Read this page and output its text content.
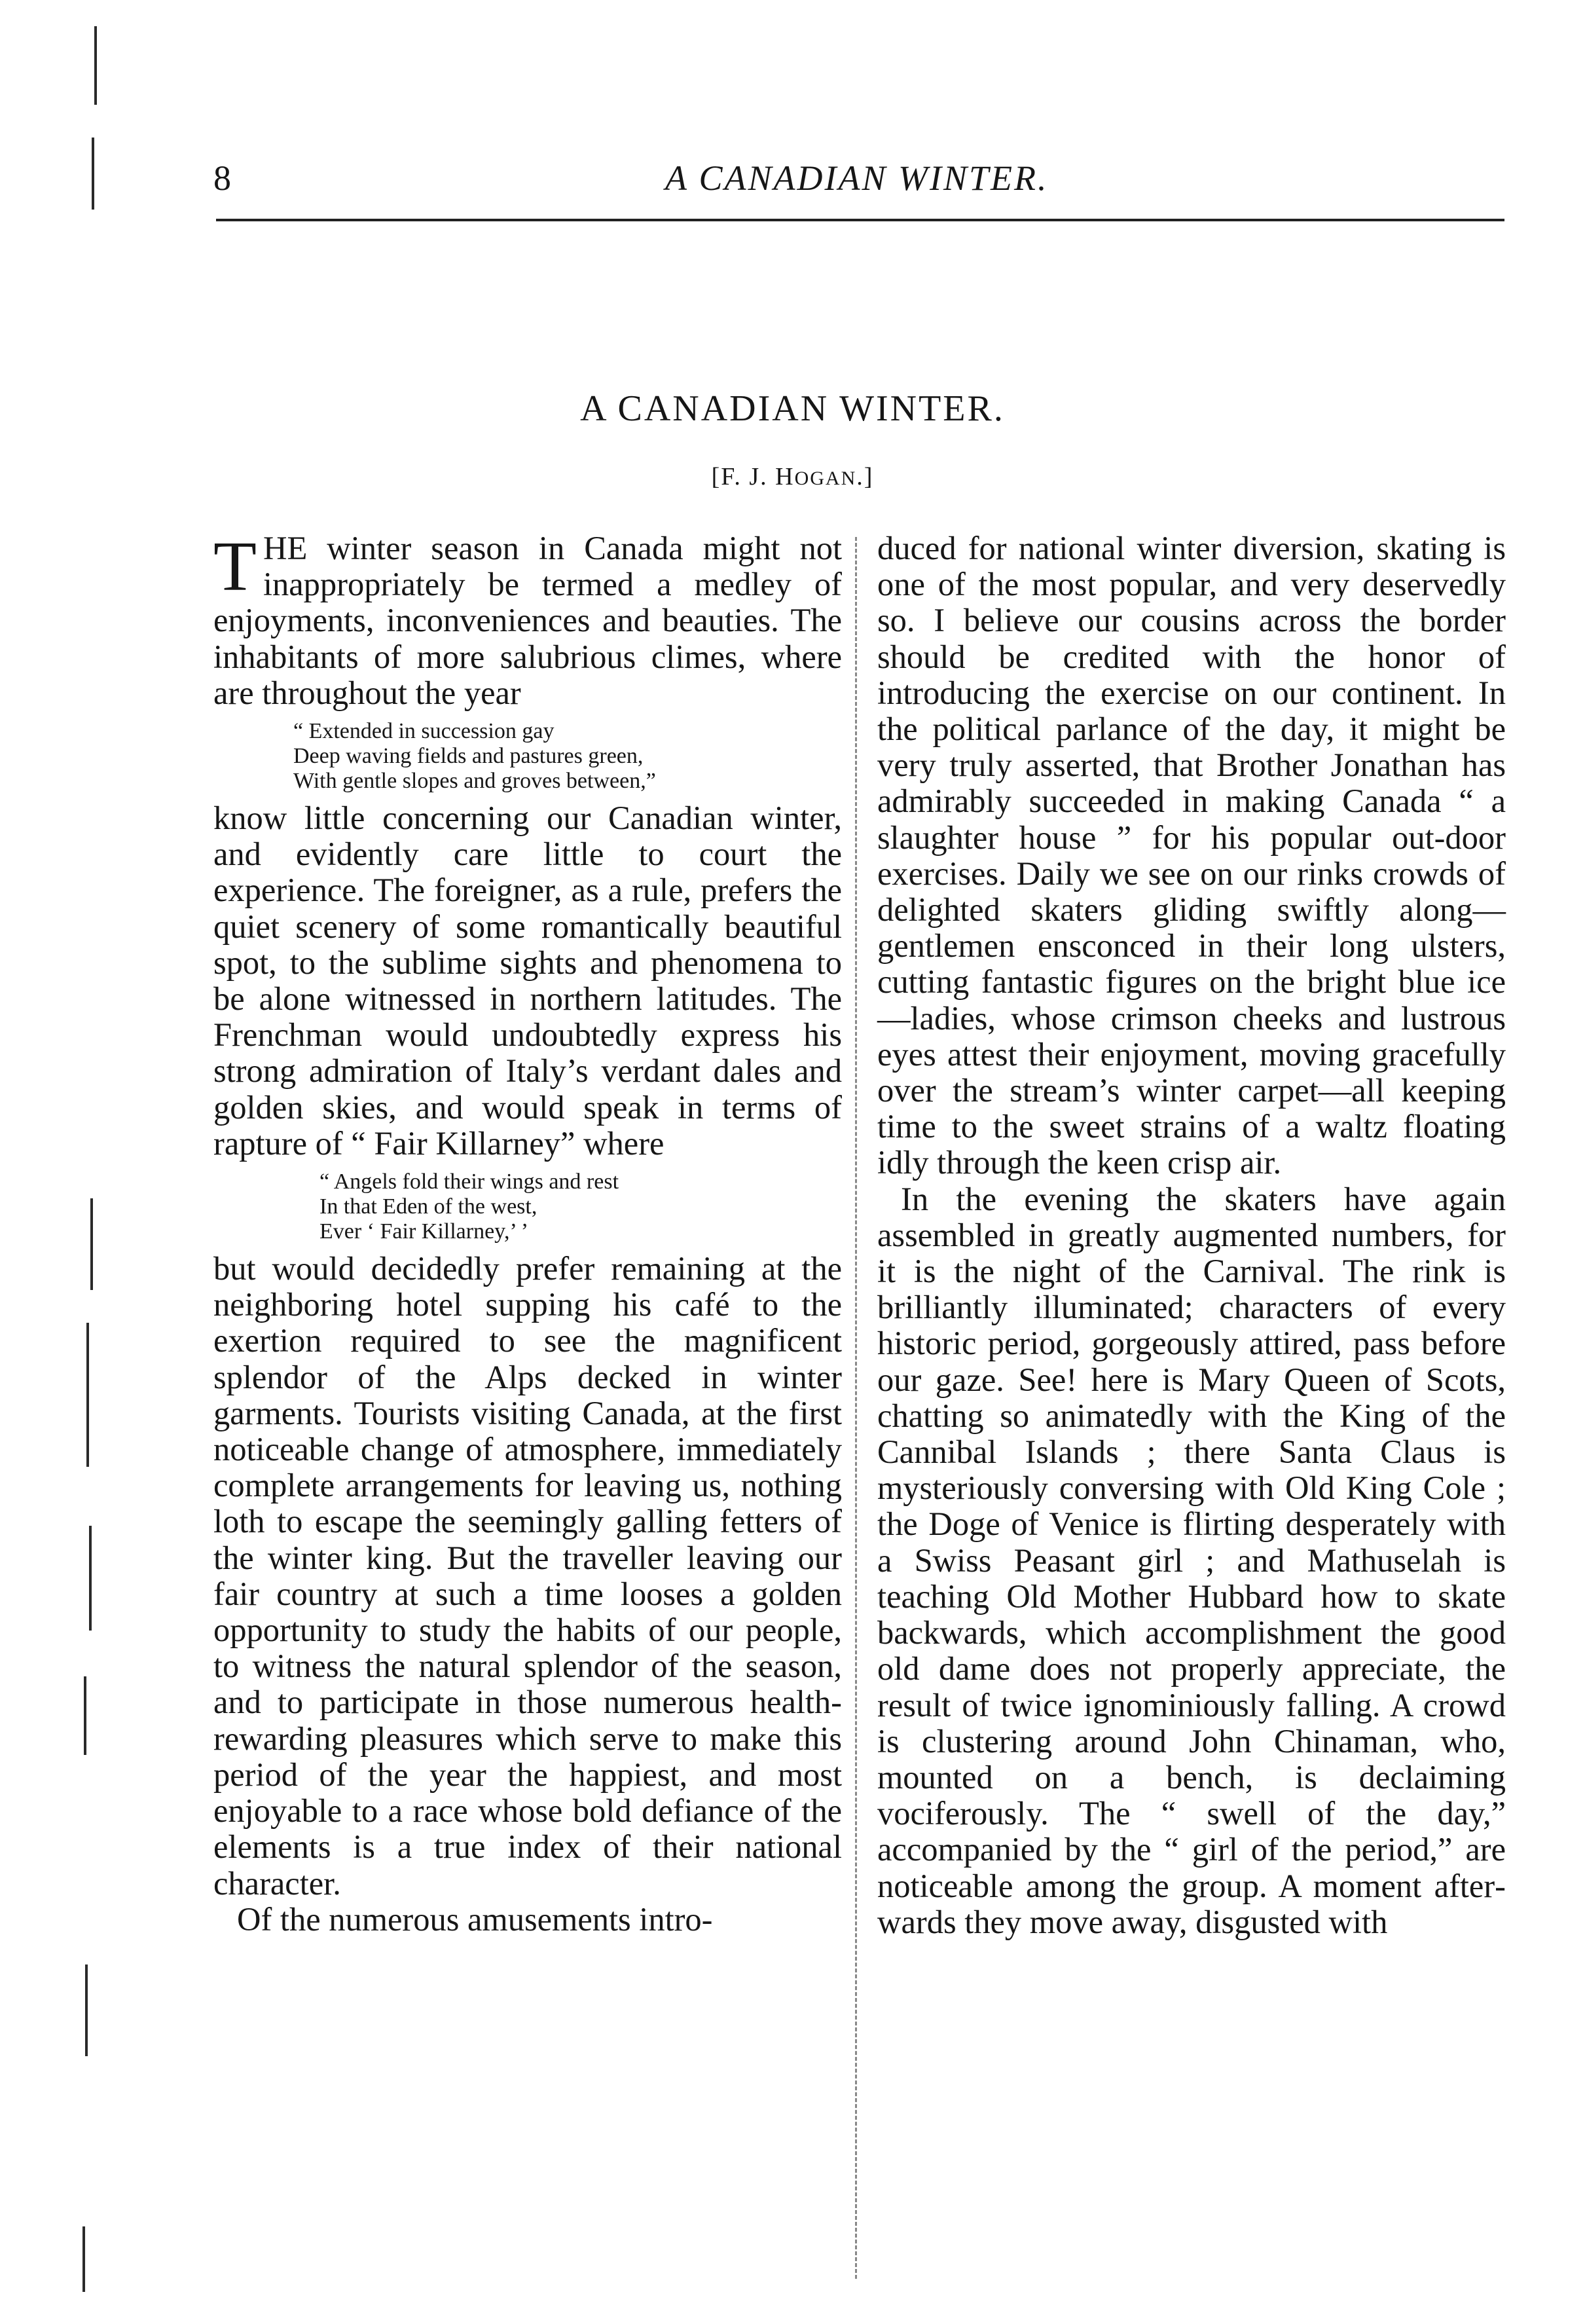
8	A CANADIAN WINTER.
A CANADIAN WINTER.
[F. J. HOGAN.]

THE winter season in Canada might not inappropriately be termed a medley of enjoyments, inconveniences and beauties. The inhabitants of more salubrious climes, where are throughout the year

“ Extended in succession gay
Deep waving fields and pastures green,
With gentle slopes and groves between,”

know little concerning our Canadian winter, and evidently care little to court the experience. The foreigner, as a rule, prefers the quiet scenery of some romantically beautiful spot, to the sublime sights and phenomena to be alone witnessed in northern latitudes. The Frenchman would undoubtedly express his strong admiration of Italy’s verdant dales and golden skies, and would speak in terms of rapture of “ Fair Killarney” where

“ Angels fold their wings and rest
In that Eden of the west,
Ever ‘ Fair Killarney,’ ’

but would decidedly prefer remaining at the neighboring hotel supping his café to the exertion required to see the magnificent splendor of the Alps decked in winter garments. Tourists visiting Canada, at the first noticeable change of atmosphere, immediately complete arrangements for leaving us, nothing loth to escape the seemingly galling fetters of the winter king. But the traveller leaving our fair country at such a time looses a golden opportunity to study the habits of our people, to witness the natural splendor of the season, and to participate in those numerous health-rewarding pleasures which serve to make this period of the year the happiest, and most enjoyable to a race whose bold defiance of the elements is a true index of their national character.

Of the numerous amusements intro-

duced for national winter diversion, skating is one of the most popular, and very deservedly so. I believe our cousins across the border should be credited with the honor of introducing the exercise on our continent. In the political parlance of the day, it might be very truly asserted, that Brother Jonathan has admirably succeeded in making Canada “ a slaughter house ” for his popular out-door exercises. Daily we see on our rinks crowds of delighted skaters gliding swiftly along—gentlemen ensconced in their long ulsters, cutting fantastic figures on the bright blue ice—ladies, whose crimson cheeks and lustrous eyes attest their enjoyment, moving gracefully over the stream’s winter carpet—all keeping time to the sweet strains of a waltz floating idly through the keen crisp air.

In the evening the skaters have again assembled in greatly augmented numbers, for it is the night of the Carnival. The rink is brilliantly illuminated; characters of every historic period, gorgeously attired, pass before our gaze. See! here is Mary Queen of Scots, chatting so animatedly with the King of the Cannibal Islands ; there Santa Claus is mysteriously conversing with Old King Cole ; the Doge of Venice is flirting desperately with a Swiss Peasant girl ; and Mathuselah is teaching Old Mother Hubbard how to skate backwards, which accomplishment the good old dame does not properly appreciate, the result of twice ignominiously falling. A crowd is clustering around John Chinaman, who, mounted on a bench, is declaiming vociferously. The “ swell of the day,” accompanied by the “ girl of the period,” are noticeable among the group. A moment afterwards they move away, disgusted with
